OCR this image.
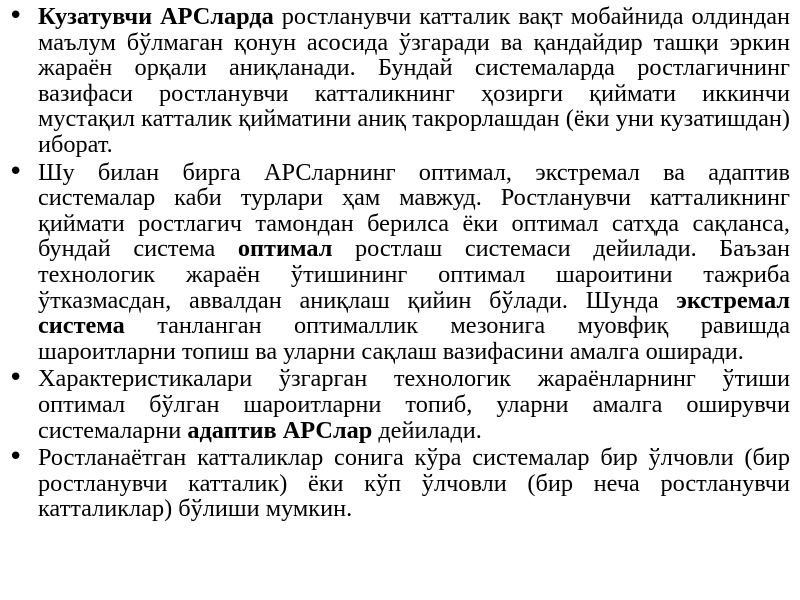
• Кузатувчи АРСларда ростланувчи катталик вақт мобайнида олдиндан маълум бўлмаган қонун асосида ўзгаради ва қандайдир ташқи эркин жараён орқали аниқланади. Бундай системаларда ростлагичнинг вазифаси ростланувчи катталикнинг ҳозирги қиймати иккинчи мустақил катталик қийматини аниқ такрорлашдан (ёки уни кузатишдан) иборат.
• Шу билан бирга АРСларнинг оптимал, экстремал ва адаптив системалар каби турлари ҳам мавжуд. Ростланувчи катталикнинг қиймати ростлагич тамондан берилса ёки оптимал сатҳда сақланса, бундай система оптимал ростлаш системаси дейилади. Баъзан технологик жараён ўтишининг оптимал шароитини тажриба ўтказмасдан, аввалдан аниқлаш қийин бўлади. Шунда экстремал система танланган оптималлик мезонига муовфиқ равишда шароитларни топиш ва уларни сақлаш вазифасини амалга оширади.
• Характеристикалари ўзгарган технологик жараёнларнинг ўтиши оптимал бўлган шароитларни топиб, уларни амалга оширувчи системаларни адаптив АРСлар дейилади.
• Ростланаётган катталиклар сонига кўра системалар бир ўлчовли (бир ростланувчи катталик) ёки кўп ўлчовли (бир неча ростланувчи катталиклар) бўлиши мумкин.
